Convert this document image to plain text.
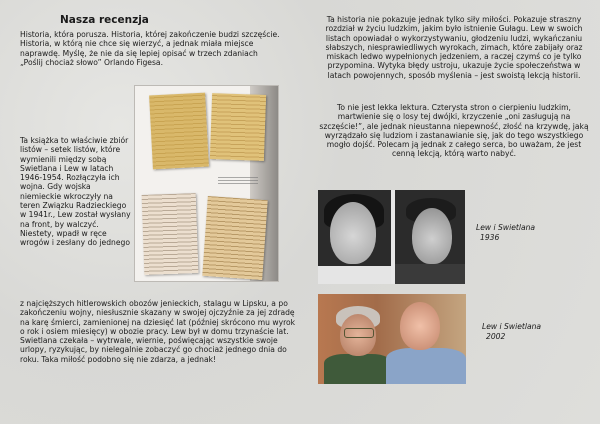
Nasza recenzja

Historia, która porusza. Historia, której zakończenie budzi szczęście. Historia, w którą nie chce się wierzyć, a jednak miała miejsce naprawdę. Myślę, że nie da się lepiej opisać w trzech zdaniach „Poślij chociaż słowo” Orlando Figesa.

Ta książka to właściwie zbiór listów – setek listów, które wymienili między sobą Swietlana i Lew w latach 1946-1954. Rozłączyła ich wojna. Gdy wojska niemieckie wkroczyły na teren Związku Radzieckiego w 1941r., Lew został wysłany na front, by walczyć. Niestety, wpadł w ręce wrogów i zesłany do jednego

z najcięższych hitlerowskich obozów jenieckich, stalagu w Lipsku, a po zakończeniu wojny, niesłusznie skazany w swojej ojczyźnie za jej zdradę na karę śmierci, zamienionej na dziesięć lat (później skrócono mu wyrok o rok i osiem miesięcy) w obozie pracy. Lew był w domu trzynaście lat. Swietlana czekała – wytrwale, wiernie, poświęcając wszystkie swoje urlopy, ryzykując, by nielegalnie zobaczyć go chociaż jednego dnia do roku. Taka miłość podobno się nie zdarza, a jednak!

Ta historia nie pokazuje jednak tylko siły miłości. Pokazuje straszny rozdział w życiu ludzkim, jakim było istnienie Gułagu. Lew w swoich listach opowiadał o wykorzystywaniu, głodzeniu ludzi, wykańczaniu słabszych, niesprawiedliwych wyrokach, zimach, które zabijały oraz miskach ledwo wypełnionych jedzeniem, a raczej czymś co je tylko przypomina. Wytyka błędy ustroju, ukazuje życie społeczeństwa w latach powojennych, sposób myślenia – jest swoistą lekcją historii.

To nie jest lekka lektura. Czterysta stron o cierpieniu ludzkim, martwienie się o losy tej dwójki, krzyczenie „oni zasługują na szczęście!”, ale jednak nieustanna niepewność, złość na krzywdę, jaką wyrządzało się ludziom i zastanawianie się, jak do tego wszystkiego mogło dojść. Polecam ją jednak z całego serca, bo uważam, że jest cenną lekcją, którą warto nabyć.

Lew i Swietlana
1936

Lew i Swietlana
2002
